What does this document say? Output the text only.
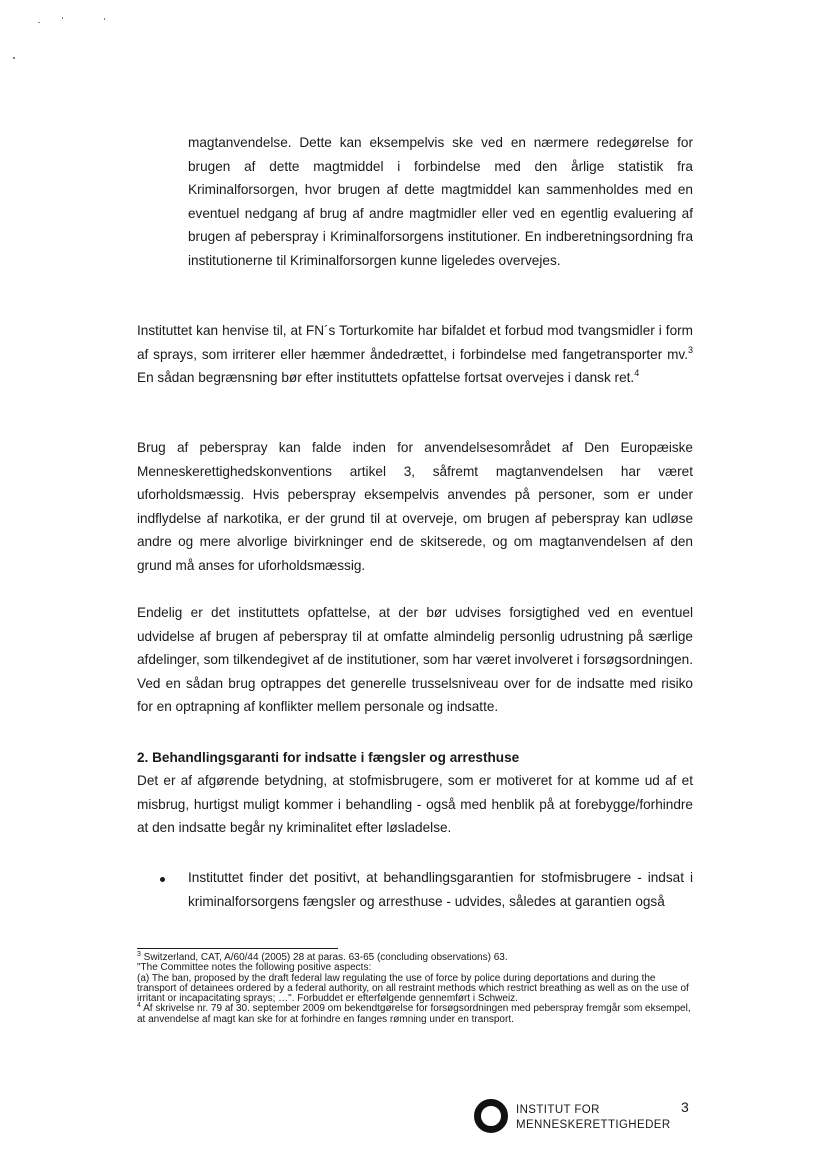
magtanvendelse. Dette kan eksempelvis ske ved en nærmere redegørelse for brugen af dette magtmiddel i forbindelse med den årlige statistik fra Kriminalforsorgen, hvor brugen af dette magtmiddel kan sammenholdes med en eventuel nedgang af brug af andre magtmidler eller ved en egentlig evaluering af brugen af peberspray i Kriminalforsorgens institutioner. En indberetningsordning fra institutionerne til Kriminalforsorgen kunne ligeledes overvejes.

Instituttet kan henvise til, at FN´s Torturkomite har bifaldet et forbud mod tvangsmidler i form af sprays, som irriterer eller hæmmer åndedrættet, i forbindelse med fangetransporter mv.$^3$ En sådan begrænsning bør efter instituttets opfattelse fortsat overvejes i dansk ret.$^4$

Brug af peberspray kan falde inden for anvendelsesområdet af Den Europæiske Menneskerettighedskonventions artikel 3, såfremt magtanvendelsen har været uforholdsmæssig. Hvis peberspray eksempelvis anvendes på personer, som er under indflydelse af narkotika, er der grund til at overveje, om brugen af peberspray kan udløse andre og mere alvorlige bivirkninger end de skitserede, og om magtanvendelsen af den grund må anses for uforholdsmæssig.

Endelig er det instituttets opfattelse, at der bør udvises forsigtighed ved en eventuel udvidelse af brugen af peberspray til at omfatte almindelig personlig udrustning på særlige afdelinger, som tilkendegivet af de institutioner, som har været involveret i forsøgsordningen. Ved en sådan brug optrappes det generelle trusselsniveau over for de indsatte med risiko for en optrapning af konflikter mellem personale og indsatte.

2. Behandlingsgaranti for indsatte i fængsler og arresthuse

Det er af afgørende betydning, at stofmisbrugere, som er motiveret for at komme ud af et misbrug, hurtigst muligt kommer i behandling - også med henblik på at forebygge/forhindre at den indsatte begår ny kriminalitet efter løsladelse.

Instituttet finder det positivt, at behandlingsgarantien for stofmisbrugere - indsat i kriminalforsorgens fængsler og arresthuse - udvides, således at garantien også

$^3$ Switzerland, CAT, A/60/44 (2005) 28 at paras. 63-65 (concluding observations) 63.
"The Committee notes the following positive aspects:
(a) The ban, proposed by the draft federal law regulating the use of force by police during deportations and during the transport of detainees ordered by a federal authority, on all restraint methods which restrict breathing as well as on the use of irritant or incapacitating sprays; …". Forbuddet er efterfølgende gennemført i Schweiz.
$^4$ Af skrivelse nr. 79 af 30. september 2009 om bekendtgørelse for forsøgsordningen med peberspray fremgår som eksempel, at anvendelse af magt kan ske for at forhindre en fanges rømning under en transport.
INSTITUT FOR
MENNESKERETTIGHEDER
3
